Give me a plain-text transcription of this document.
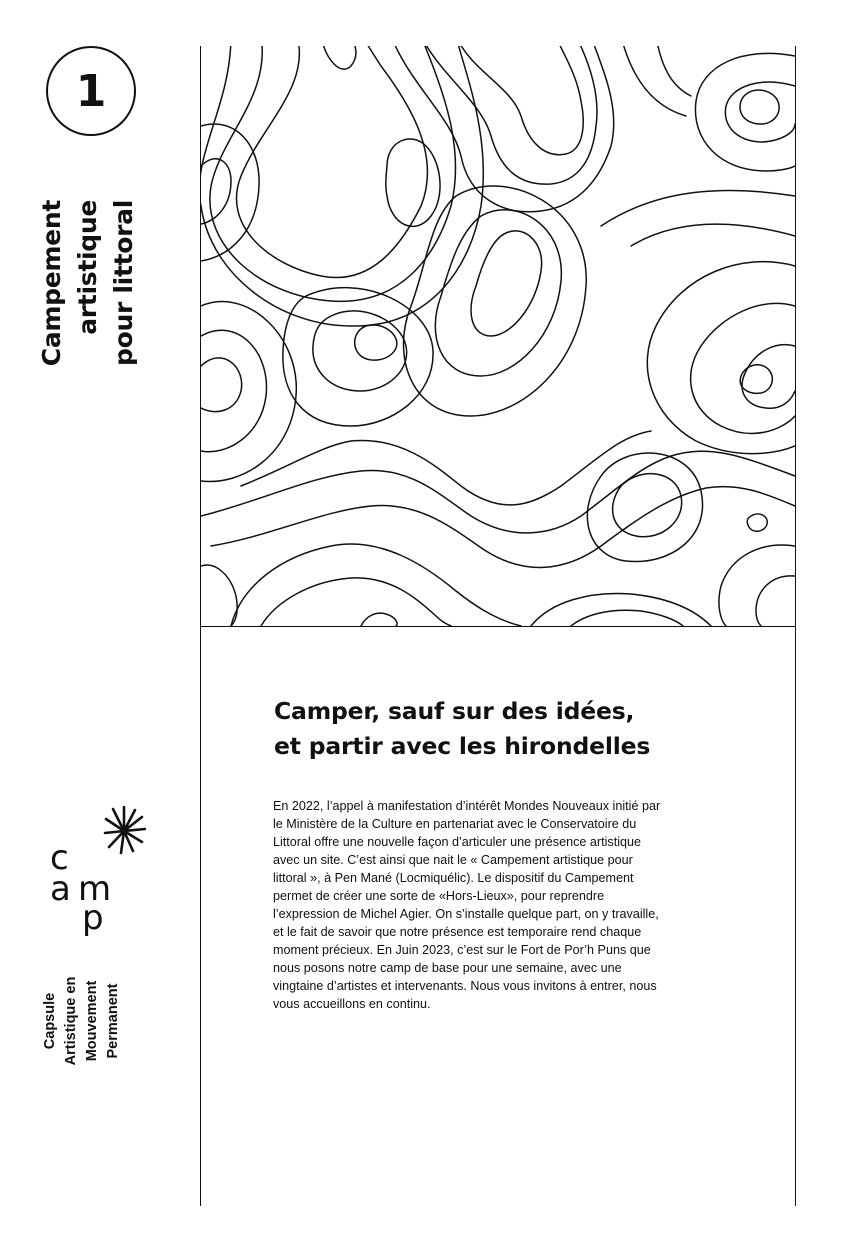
1
Campement artistique pour littoral
c
a m
p
Capsule Artistique en Mouvement Permanent
Camper, sauf sur des idées,
et partir avec les hirondelles
En 2022, l’appel à manifestation d’intérêt Mondes Nouveaux initié par
le Ministère de la Culture en partenariat avec le Conservatoire du
Littoral offre une nouvelle façon d’articuler une présence artistique
avec un site. C’est ainsi que nait le « Campement artistique pour
littoral », à Pen Mané (Locmiquélic). Le dispositif du Campement
permet de créer une sorte de «Hors-Lieux», pour reprendre
l’expression de Michel Agier. On s’installe quelque part, on y travaille,
et le fait de savoir que notre présence est temporaire rend chaque
moment précieux. En Juin 2023, c’est sur le Fort de Por’h Puns que
nous posons notre camp de base pour une semaine, avec une
vingtaine d’artistes et intervenants. Nous vous invitons à entrer, nous
vous accueillons en continu.
